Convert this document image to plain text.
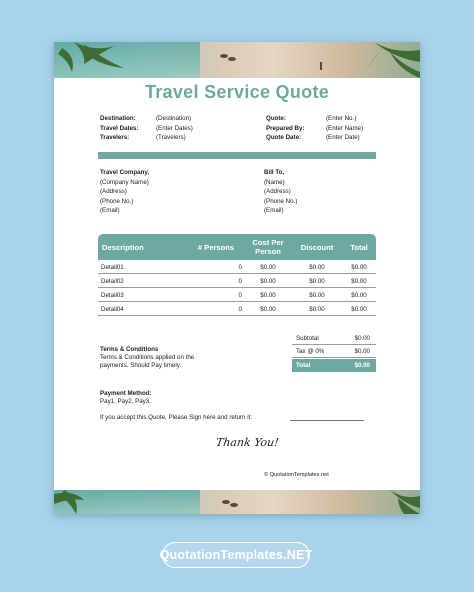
Travel Service Quote
Destination:	(Destination)
Travel Dates:	(Enter Dates)
Travelers:	(Travelers)
Quote:	(Enter No.)
Prepared By:	(Enter Name)
Quote Date:	(Enter Date)
Travel Company,
(Company Name)
(Address)
(Phone No.)
(Email)
Bill To,
(Name)
(Address)
(Phone No.)
(Email)
Description	# Persons	Cost Per Person	Discount	Total
Detail01	0	$0.00	$0.00	$0.00
Detail02	0	$0.00	$0.00	$0.00
Detail03	0	$0.00	$0.00	$0.00
Detail04	0	$0.00	$0.00	$0.00
Subtotal	$0.00
Tax @ 0%	$0.00
Total	$0.00
Terms & Conditions
Terms & Conditions applied on the payments. Should Pay timely.
Payment Method:
Pay1, Pay2, Pay3.
If you accept this Quote, Please Sign here and return it:
Thank You!
© QuotationTemplates.net
QuotationTemplates.NET
